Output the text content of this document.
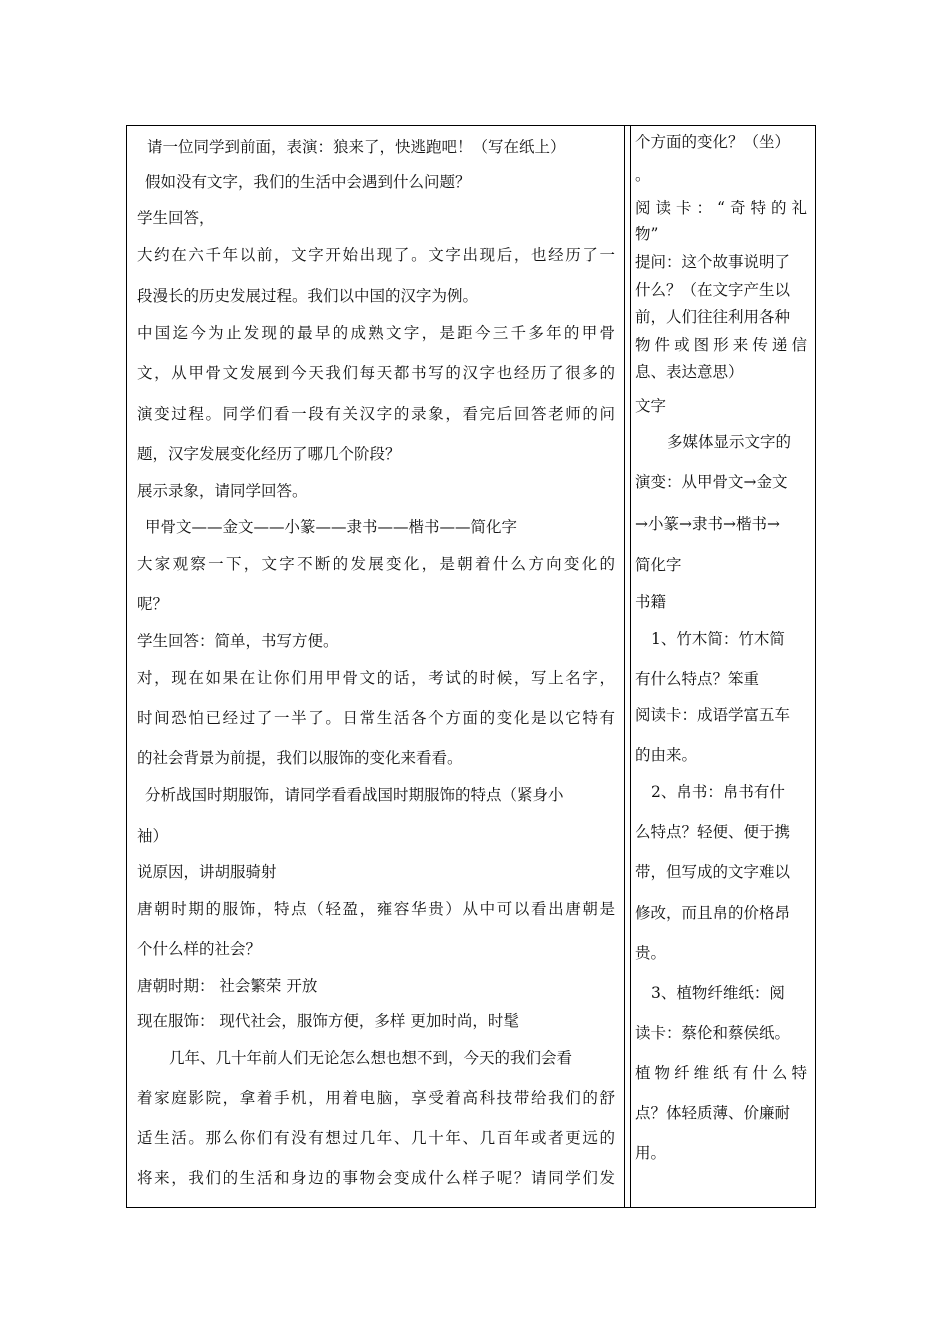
请一位同学到前面，表演：狼来了，快逃跑吧！（写在纸上）
假如没有文字，我们的生活中会遇到什么问题？
学生回答，
大约在六千年以前，文字开始出现了。文字出现后，也经历了一
段漫长的历史发展过程。我们以中国的汉字为例。
中国迄今为止发现的最早的成熟文字，是距今三千多年的甲骨
文，从甲骨文发展到今天我们每天都书写的汉字也经历了很多的
演变过程。同学们看一段有关汉字的录象，看完后回答老师的问
题，汉字发展变化经历了哪几个阶段？
展示录象，请同学回答。
甲骨文——金文——小篆——隶书——楷书——简化字
大家观察一下，文字不断的发展变化，是朝着什么方向变化的
呢？
学生回答：简单，书写方便。
对，现在如果在让你们用甲骨文的话，考试的时候，写上名字，
时间恐怕已经过了一半了。日常生活各个方面的变化是以它特有
的社会背景为前提，我们以服饰的变化来看看。
分析战国时期服饰，请同学看看战国时期服饰的特点（紧身小
袖）
说原因，讲胡服骑射
唐朝时期的服饰，特点（轻盈，雍容华贵）从中可以看出唐朝是
个什么样的社会？
唐朝时期： 社会繁荣 开放
现在服饰： 现代社会，服饰方便，多样 更加时尚，时髦
几年、几十年前人们无论怎么想也想不到，今天的我们会看
着家庭影院，拿着手机，用着电脑，享受着高科技带给我们的舒
适生活。那么你们有没有想过几年、几十年、几百年或者更远的
将来，我们的生活和身边的事物会变成什么样子呢？请同学们发
个方面的变化？（坐）
。
阅读卡：“奇特的礼
物”
提问：这个故事说明了
什么？（在文字产生以
前，人们往往利用各种
物件或图形来传递信
息、表达意思）
文字
多媒体显示文字的
演变：从甲骨文→金文
→小篆→隶书→楷书→
简化字
书籍
1、竹木简：竹木简
有什么特点？笨重
阅读卡：成语学富五车
的由来。
2、帛书：帛书有什
么特点？轻便、便于携
带，但写成的文字难以
修改，而且帛的价格昂
贵。
3、植物纤维纸：阅
读卡：蔡伦和蔡侯纸。
植物纤维纸有什么特
点？体轻质薄、价廉耐
用。
